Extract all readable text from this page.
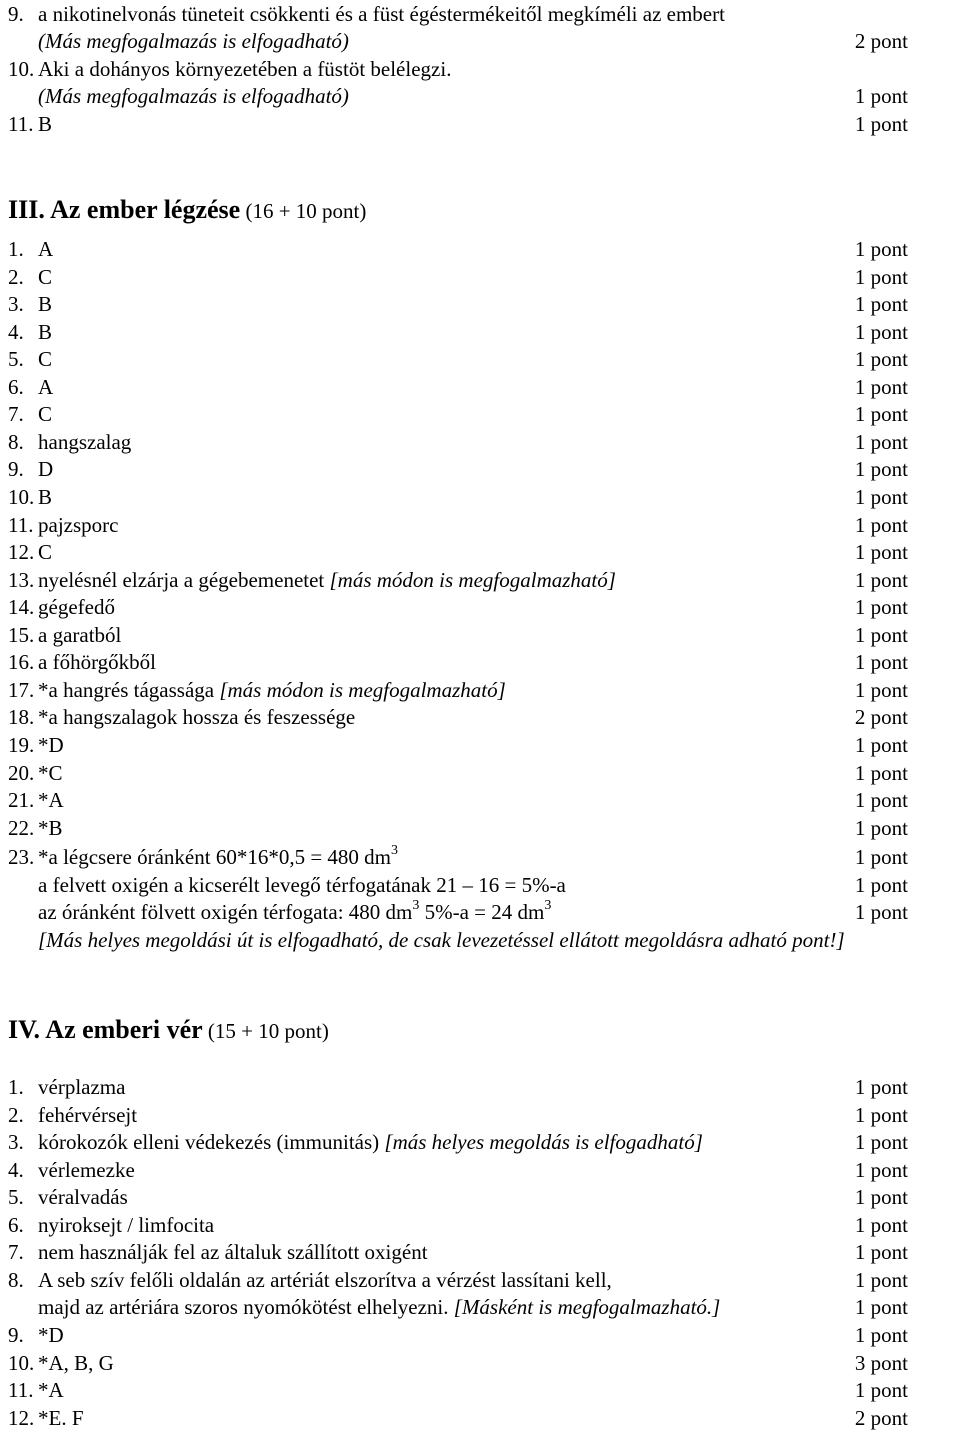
9. a nikotinelvonás tüneteit csökkenti és a füst égéstermékeitől megkíméli az embert
(Más megfogalmazás is elfogadható)	2 pont
10. Aki a dohányos környezetében a füstöt belélegzi.
(Más megfogalmazás is elfogadható)	1 pont
11. B	1 pont
III. Az ember légzése (16 + 10 pont)
1. A	1 pont
2. C	1 pont
3. B	1 pont
4. B	1 pont
5. C	1 pont
6. A	1 pont
7. C	1 pont
8. hangszalag	1 pont
9. D	1 pont
10. B	1 pont
11. pajzsporc	1 pont
12. C	1 pont
13. nyelésnél elzárja a gégebemenetet [más módon is megfogalmazható]	1 pont
14. gégefedő	1 pont
15. a garatból	1 pont
16. a főhörgőkből	1 pont
17. *a hangrés tágassága [más módon is megfogalmazható]	1 pont
18. *a hangszalagok hossza és feszessége	2 pont
19. *D	1 pont
20. *C	1 pont
21. *A	1 pont
22. *B	1 pont
23. *a légcsere óránként 60*16*0,5 = 480 $dm^3$	1 pont
a felvett oxigén a kicserélt levegő térfogatának 21 – 16 = 5%-a	1 pont
az óránként fölvett oxigén térfogata: 480 $dm^3$ 5%-a = 24 $dm^3$	1 pont
[Más helyes megoldási út is elfogadható, de csak levezetéssel ellátott megoldásra adható pont!]
IV. Az emberi vér (15 + 10 pont)
1. vérplazma	1 pont
2. fehérvérsejt	1 pont
3. kórokozók elleni védekezés (immunitás) [más helyes megoldás is elfogadható]	1 pont
4. vérlemezke	1 pont
5. véralvadás	1 pont
6. nyiroksejt / limfocita	1 pont
7. nem használják fel az általuk szállított oxigént	1 pont
8. A seb szív felőli oldalán az artériát elszorítva a vérzést lassítani kell,	1 pont
majd az artériára szoros nyomókötést elhelyezni. [Másként is megfogalmazható.]	1 pont
9. *D	1 pont
10. *A, B, G	3 pont
11. *A	1 pont
12. *E. F	2 pont
